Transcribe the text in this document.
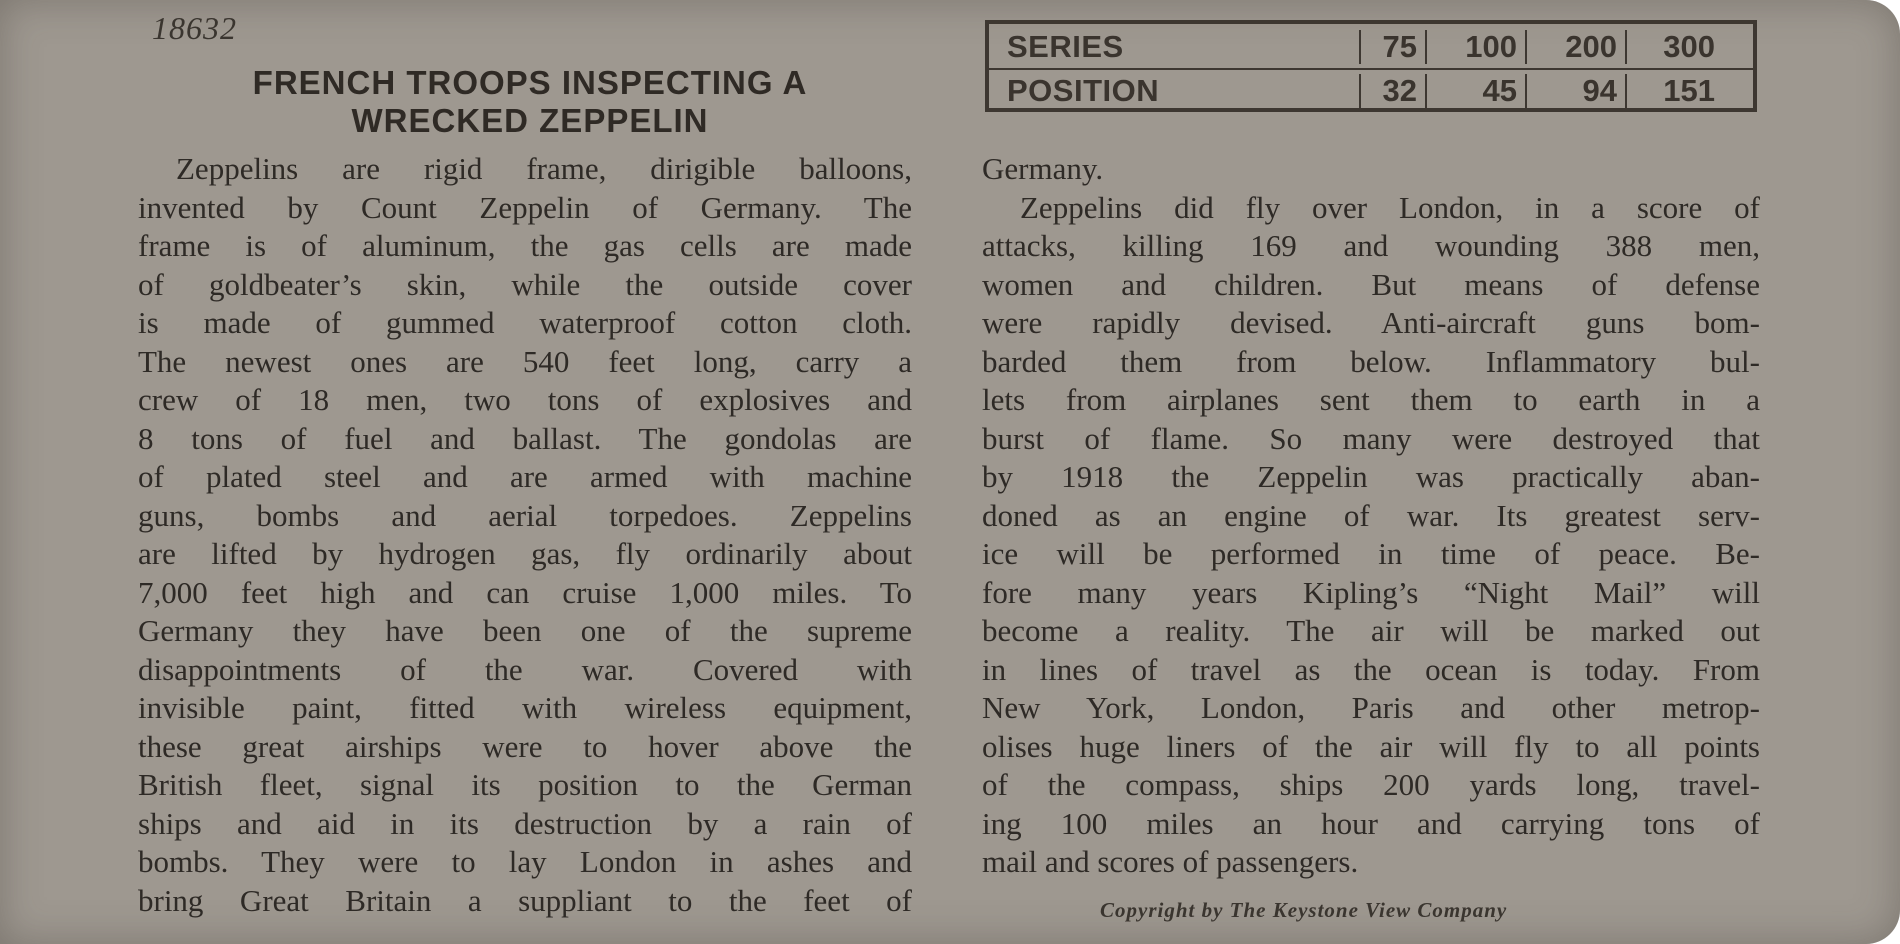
18632
FRENCH TROOPS INSPECTING A
WRECKED ZEPPELIN
SERIES	75	100	200	300
POSITION	32	45	94	151
Zeppelins are rigid frame, dirigible balloons,
invented by Count Zeppelin of Germany. The
frame is of aluminum, the gas cells are made
of goldbeater’s skin, while the outside cover
is made of gummed waterproof cotton cloth.
The newest ones are 540 feet long, carry a
crew of 18 men, two tons of explosives and
8 tons of fuel and ballast. The gondolas are
of plated steel and are armed with machine
guns, bombs and aerial torpedoes. Zeppelins
are lifted by hydrogen gas, fly ordinarily about
7,000 feet high and can cruise 1,000 miles. To
Germany they have been one of the supreme
disappointments of the war. Covered with
invisible paint, fitted with wireless equipment,
these great airships were to hover above the
British fleet, signal its position to the German
ships and aid in its destruction by a rain of
bombs. They were to lay London in ashes and
bring Great Britain a suppliant to the feet of
Germany.
Zeppelins did fly over London, in a score of
attacks, killing 169 and wounding 388 men,
women and children. But means of defense
were rapidly devised. Anti-aircraft guns bom-
barded them from below. Inflammatory bul-
lets from airplanes sent them to earth in a
burst of flame. So many were destroyed that
by 1918 the Zeppelin was practically aban-
doned as an engine of war. Its greatest serv-
ice will be performed in time of peace. Be-
fore many years Kipling’s “Night Mail” will
become a reality. The air will be marked out
in lines of travel as the ocean is today. From
New York, London, Paris and other metrop-
olises huge liners of the air will fly to all points
of the compass, ships 200 yards long, travel-
ing 100 miles an hour and carrying tons of
mail and scores of passengers.
Copyright by The Keystone View Company
